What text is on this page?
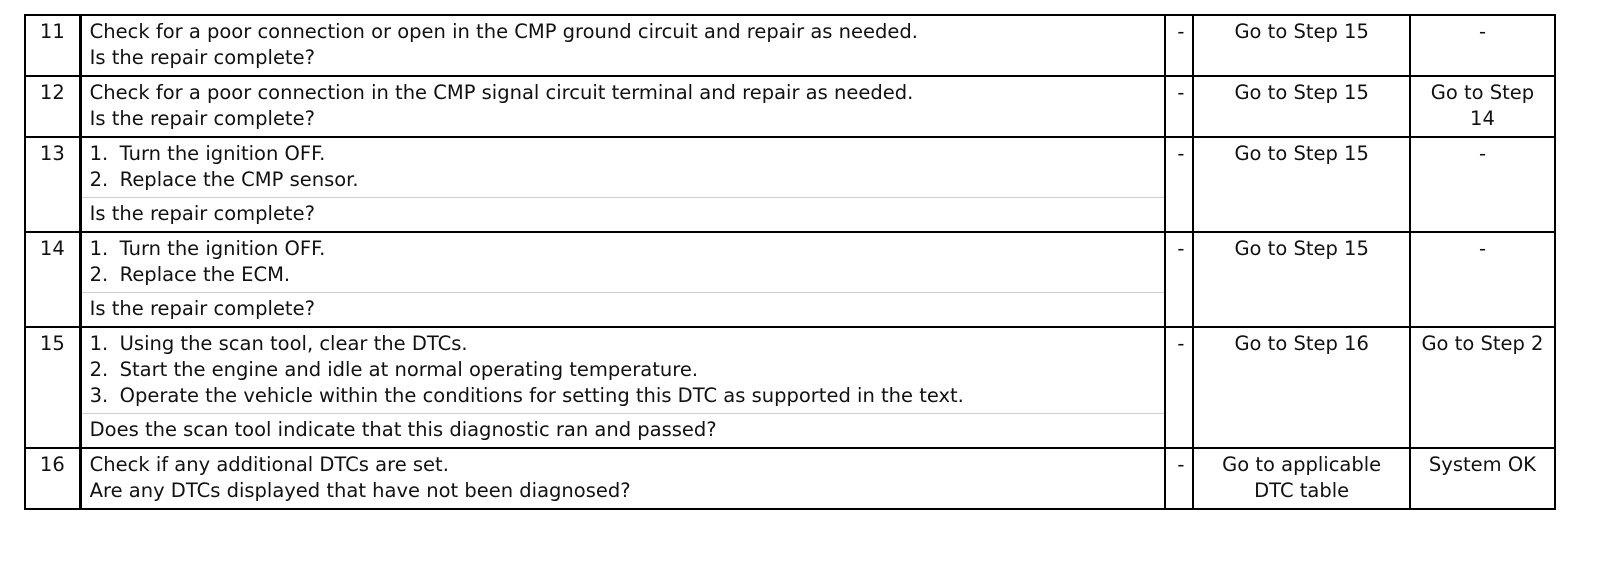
11	Check for a poor connection or open in the CMP ground circuit and repair as needed.
Is the repair complete?	-	Go to Step 15	-
12	Check for a poor connection in the CMP signal circuit terminal and repair as needed.
Is the repair complete?	-	Go to Step 15	Go to Step 14
13	1. Turn the ignition OFF.
2. Replace the CMP sensor.
Is the repair complete?	-	Go to Step 15	-
14	1. Turn the ignition OFF.
2. Replace the ECM.
Is the repair complete?	-	Go to Step 15	-
15	1. Using the scan tool, clear the DTCs.
2. Start the engine and idle at normal operating temperature.
3. Operate the vehicle within the conditions for setting this DTC as supported in the text.
Does the scan tool indicate that this diagnostic ran and passed?	-	Go to Step 16	Go to Step 2
16	Check if any additional DTCs are set.
Are any DTCs displayed that have not been diagnosed?	-	Go to applicable DTC table	System OK
